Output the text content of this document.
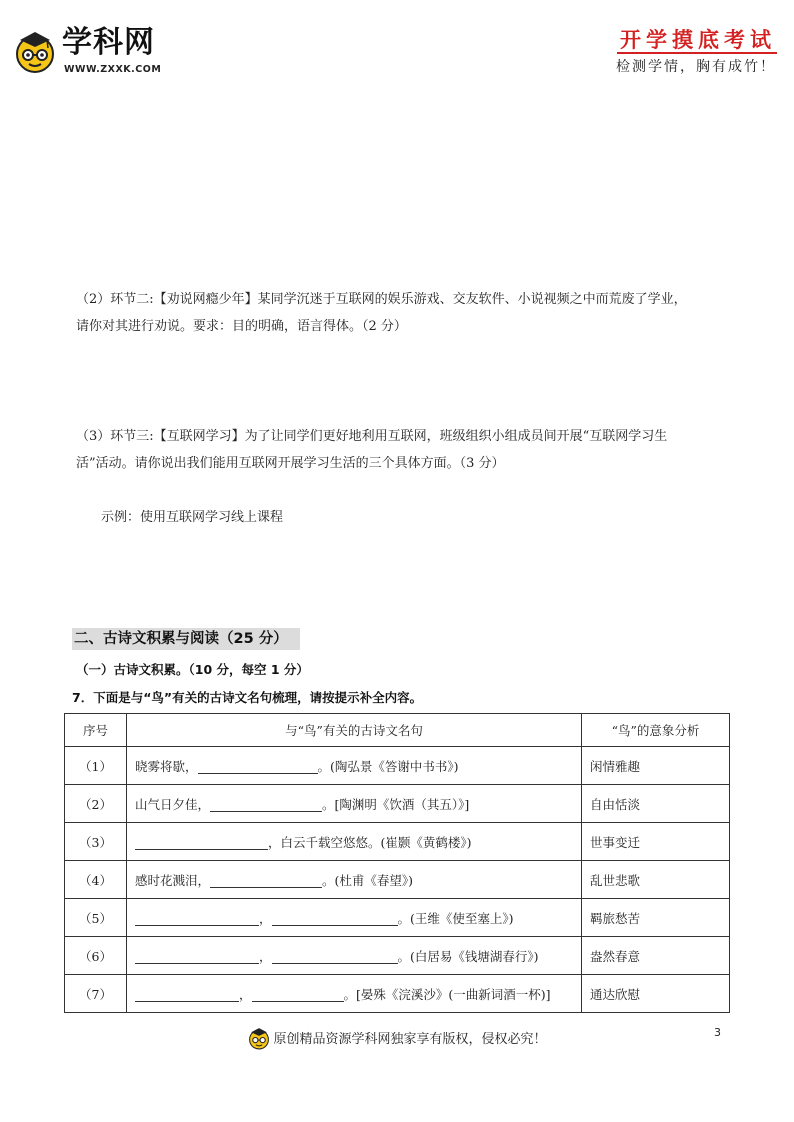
学科网
WWW.ZXXK.COM
开学摸底考试
检测学情，胸有成竹！
（2）环节二:【劝说网瘾少年】某同学沉迷于互联网的娱乐游戏、交友软件、小说视频之中而荒废了学业，
请你对其进行劝说。要求：目的明确，语言得体。（2 分）
（3）环节三:【互联网学习】为了让同学们更好地利用互联网，班级组织小组成员间开展“互联网学习生
活”活动。请你说出我们能用互联网开展学习生活的三个具体方面。（3 分）
示例：使用互联网学习线上课程
二、古诗文积累与阅读（25 分）
（一）古诗文积累。（10 分，每空 1 分）
7．下面是与“鸟”有关的古诗文名句梳理，请按提示补全内容。
序号	与“鸟”有关的古诗文名句	“鸟”的意象分析
（1）	晓雾将歇， 。(陶弘景《答谢中书书》)	闲情雅趣
（2）	山气日夕佳， 。[陶渊明《饮酒（其五）》]	自由恬淡
（3）	，白云千载空悠悠。(崔颢《黄鹤楼》)	世事变迁
（4）	感时花溅泪， 。(杜甫《春望》)	乱世悲歌
（5）	， 。(王维《使至塞上》)	羁旅愁苦
（6）	， 。(白居易《钱塘湖春行》)	盎然春意
（7）	， 。[晏殊《浣溪沙》(一曲新词酒一杯)]	通达欣慰
原创精品资源学科网独家享有版权，侵权必究！	3
